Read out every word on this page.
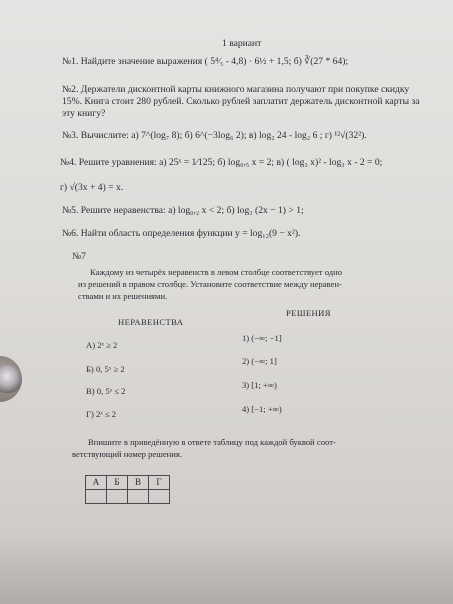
1 вариант
№1. Найдите значение выражения ( 5⁴⁄₅ - 4,8) · 6½ + 1,5; б) ∛(27 * 64);
№2. Держатели дисконтной карты книжного магазина получают при покупке скидку
15%. Книга стоит 280 рублей. Сколько рублей заплатит держатель дисконтной карты за
эту книгу?
№3. Вычислите: а) 7^(log₇ 8); б) 6^(−3log₆ 2); в) log₂ 24 - log₂ 6 ; г) ¹²√(32²).
№4. Решите уравнения: а) 25ˣ = 1⁄125; б) log₀,₅ x = 2; в) ( log₃ x)² - log₃ x - 2 = 0;
г) √(3x + 4) = x.
№5. Решите неравенства: а) log₀,₂ x < 2; б) log₃ (2x − 1) > 1;
№6. Найти область определения функции y = log₁₂(9 − x²).
№7
Каждому из четырёх неравенств в левом столбце соответствует одно
из решений в правом столбце. Установите соответствие между неравен-
ствами и их решениями.
НЕРАВЕНСТВА
РЕШЕНИЯ
А) 2ˣ ≥ 2
Б) 0, 5ˣ ≥ 2
В) 0, 5ˣ ≤ 2
Г) 2ˣ ≤ 2
1) (−∞; −1]
2) (−∞; 1]
3) [1; +∞)
4) [−1; +∞)
Впишите в приведённую в ответе таблицу под каждой буквой соот-
ветствующий номер решения.
А	Б	В	Г
